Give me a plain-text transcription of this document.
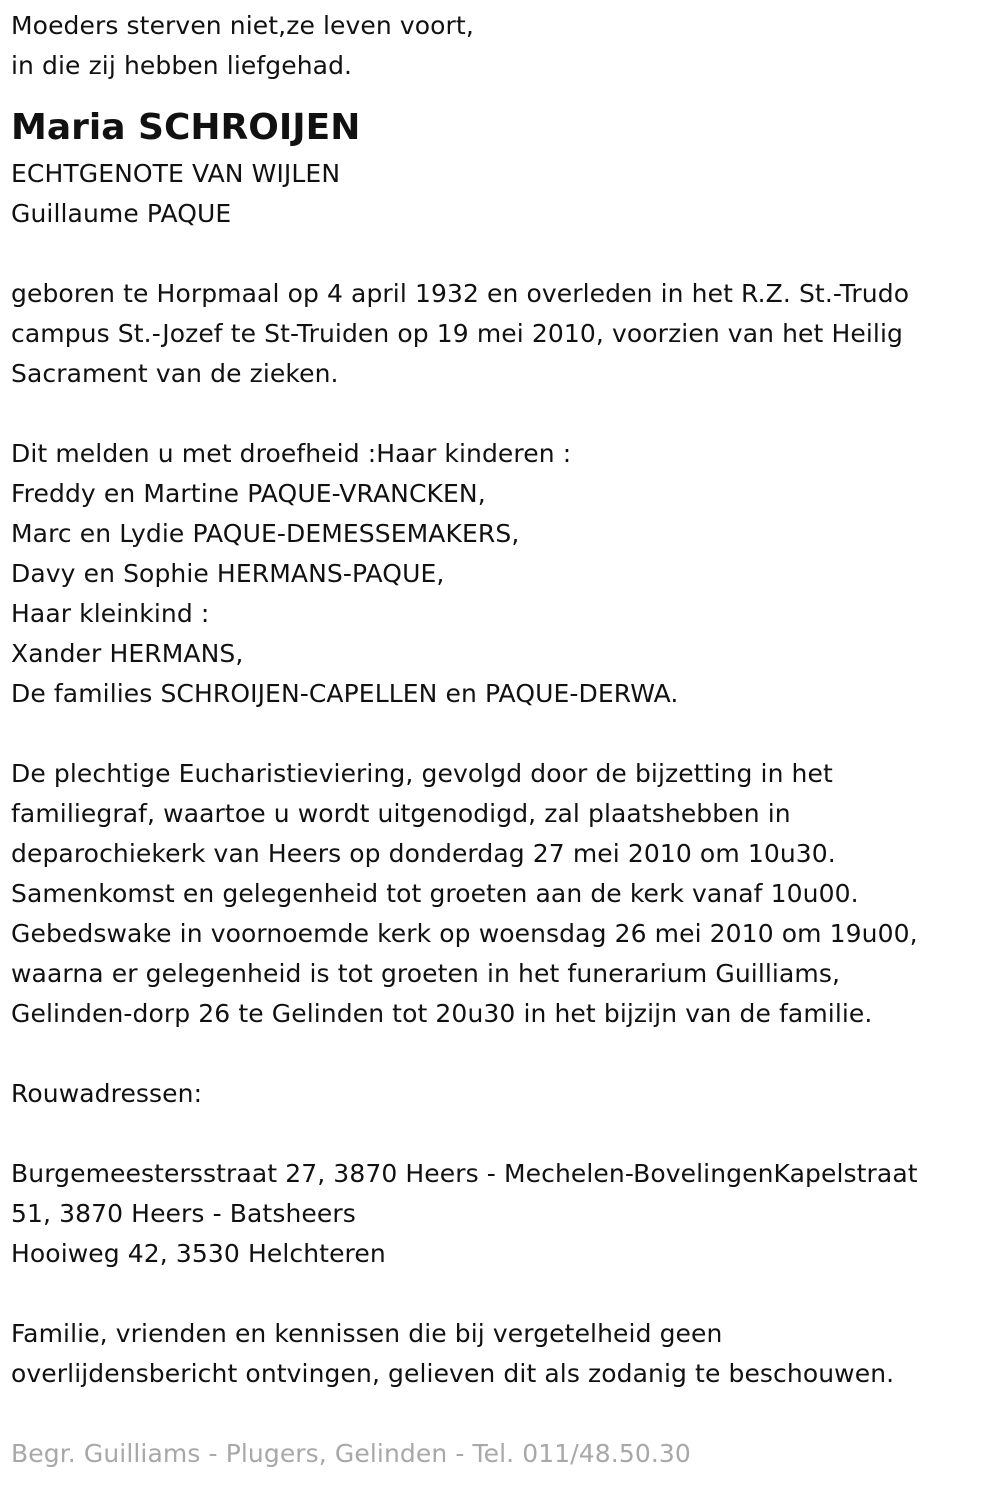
Moeders sterven niet,ze leven voort,
in die zij hebben liefgehad.
Maria SCHROIJEN
ECHTGENOTE VAN WIJLEN
Guillaume PAQUE
geboren te Horpmaal op 4 april 1932 en overleden in het R.Z. St.-Trudo
campus St.-Jozef te St-Truiden op 19 mei 2010, voorzien van het Heilig
Sacrament van de zieken.
Dit melden u met droefheid :Haar kinderen :
Freddy en Martine PAQUE-VRANCKEN,
Marc en Lydie PAQUE-DEMESSEMAKERS,
Davy en Sophie HERMANS-PAQUE,
Haar kleinkind :
Xander HERMANS,
De families SCHROIJEN-CAPELLEN en PAQUE-DERWA.
De plechtige Eucharistieviering, gevolgd door de bijzetting in het
familiegraf, waartoe u wordt uitgenodigd, zal plaatshebben in
deparochiekerk van Heers op donderdag 27 mei 2010 om 10u30.
Samenkomst en gelegenheid tot groeten aan de kerk vanaf 10u00.
Gebedswake in voornoemde kerk op woensdag 26 mei 2010 om 19u00,
waarna er gelegenheid is tot groeten in het funerarium Guilliams,
Gelinden-dorp 26 te Gelinden tot 20u30 in het bijzijn van de familie.
Rouwadressen:
Burgemeestersstraat 27, 3870 Heers - Mechelen-BovelingenKapelstraat
51, 3870 Heers - Batsheers
Hooiweg 42, 3530 Helchteren
Familie, vrienden en kennissen die bij vergetelheid geen
overlijdensbericht ontvingen, gelieven dit als zodanig te beschouwen.
Begr. Guilliams - Plugers, Gelinden - Tel. 011/48.50.30
